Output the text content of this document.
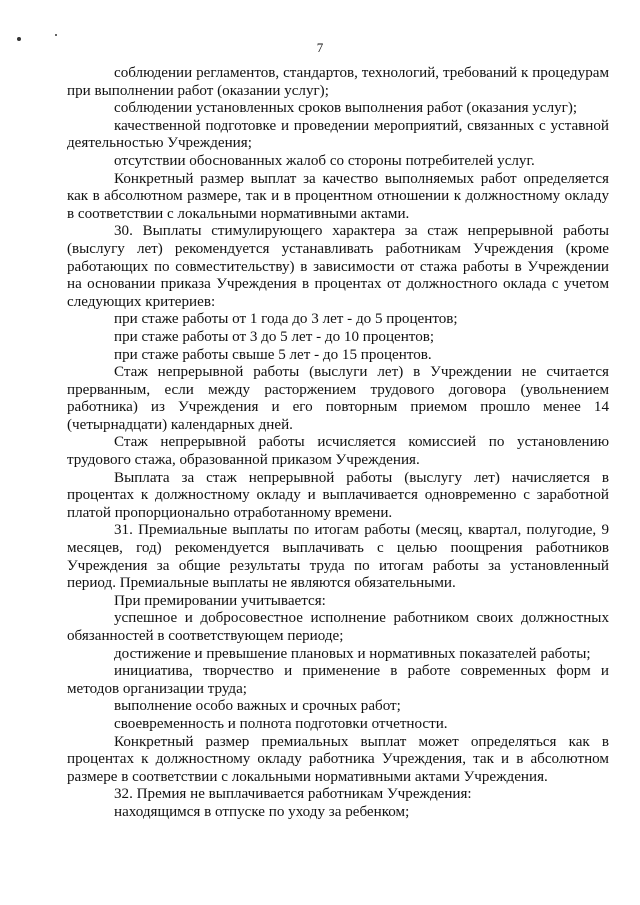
7

соблюдении регламентов, стандартов, технологий, требований к процедурам при выполнении работ (оказании услуг);

соблюдении установленных сроков выполнения работ (оказания услуг);

качественной подготовке и проведении мероприятий, связанных с уставной деятельностью Учреждения;

отсутствии обоснованных жалоб со стороны потребителей услуг.

Конкретный размер выплат за качество выполняемых работ определяется как в абсолютном размере, так и в процентном отношении к должностному окладу в соответствии с локальными нормативными актами.

30. Выплаты стимулирующего характера за стаж непрерывной работы (выслугу лет) рекомендуется устанавливать работникам Учреждения (кроме работающих по совместительству) в зависимости от стажа работы в Учреждении на основании приказа Учреждения в процентах от должностного оклада с учетом следующих критериев:

при стаже работы от 1 года до 3 лет - до 5 процентов;

при стаже работы от 3 до 5 лет - до 10 процентов;

при стаже работы свыше 5 лет - до 15 процентов.

Стаж непрерывной работы (выслуги лет) в Учреждении не считается прерванным, если между расторжением трудового договора (увольнением работника) из Учреждения и его повторным приемом прошло менее 14 (четырнадцати) календарных дней.

Стаж непрерывной работы исчисляется комиссией по установлению трудового стажа, образованной приказом Учреждения.

Выплата за стаж непрерывной работы (выслугу лет) начисляется в процентах к должностному окладу и выплачивается одновременно с заработной платой пропорционально отработанному времени.

31. Премиальные выплаты по итогам работы (месяц, квартал, полугодие, 9 месяцев, год) рекомендуется выплачивать с целью поощрения работников Учреждения за общие результаты труда по итогам работы за установленный период. Премиальные выплаты не являются обязательными.

При премировании учитывается:

успешное и добросовестное исполнение работником своих должностных обязанностей в соответствующем периоде;

достижение и превышение плановых и нормативных показателей работы;

инициатива, творчество и применение в работе современных форм и методов организации труда;

выполнение особо важных и срочных работ;

своевременность и полнота подготовки отчетности.

Конкретный размер премиальных выплат может определяться как в процентах к должностному окладу работника Учреждения, так и в абсолютном размере в соответствии с локальными нормативными актами Учреждения.

32. Премия не выплачивается работникам Учреждения:

находящимся в отпуске по уходу за ребенком;
